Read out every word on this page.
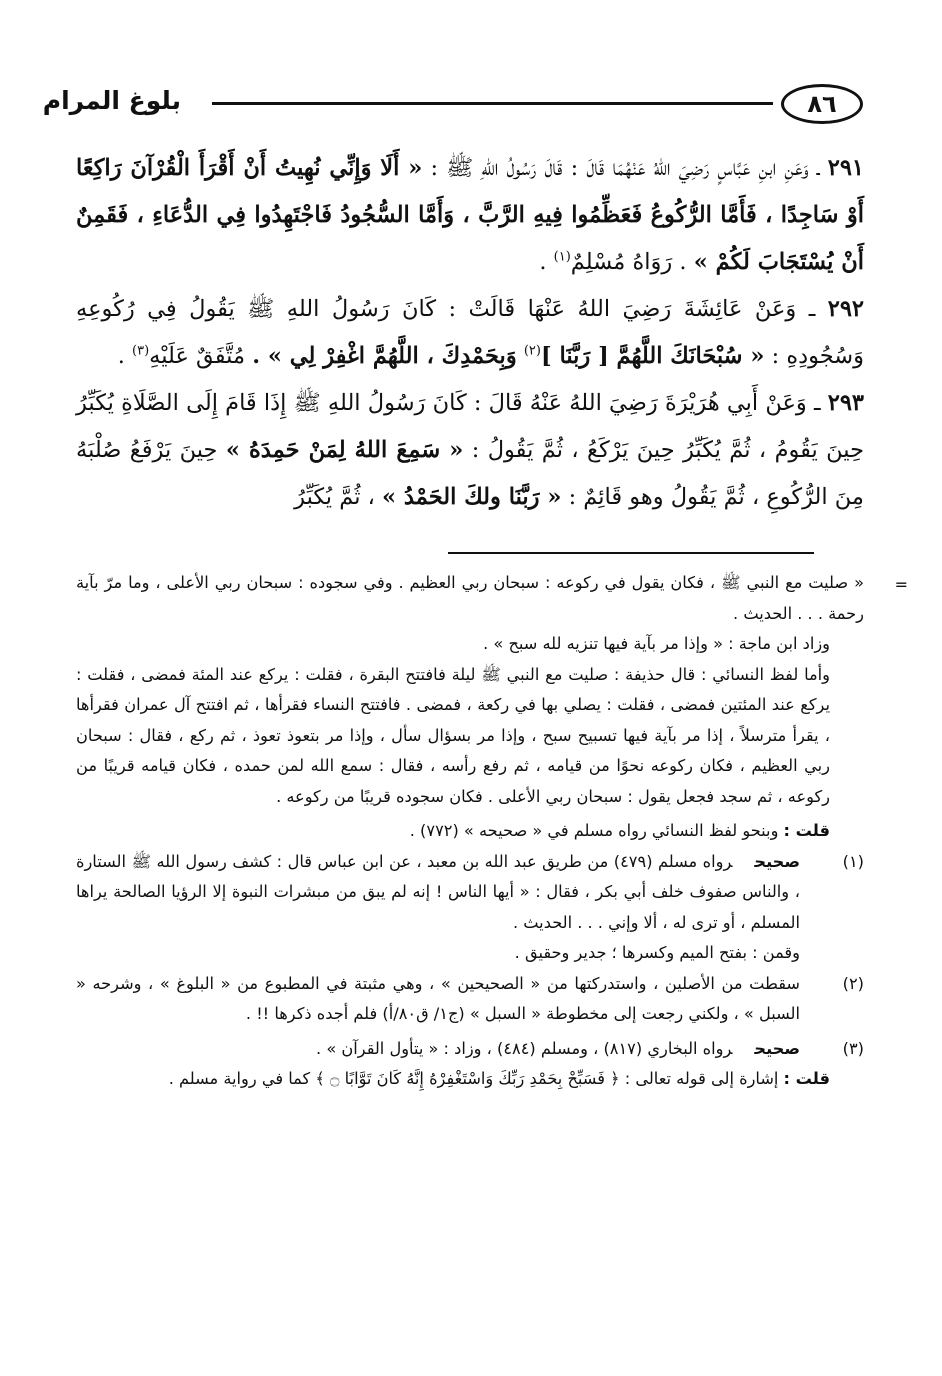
٨٦
بلوغ المرام

٢٩١ ـ وَعَنِ ابنِ عَبَّاسٍ رَضِيَ اللهُ عَنْهُمَا قَالَ : قَالَ رَسُولُ اللهِ ﷺ : « أَلَا وَإِنِّي نُهِيتُ أَنْ أَقْرَأَ الْقُرْآنَ رَاكِعًا أَوْ سَاجِدًا ، فَأَمَّا الرُّكُوعُ فَعَظِّمُوا فِيهِ الرَّبَّ ، وَأَمَّا السُّجُودُ فَاجْتَهِدُوا فِي الدُّعَاءِ ، فَقَمِنٌ أَنْ يُسْتَجَابَ لَكُمْ » . رَوَاهُ مُسْلِمٌ$^{(١)}$ .

٢٩٢ ـ وَعَنْ عَائِشَةَ رَضِيَ اللهُ عَنْهَا قَالَتْ : كَانَ رَسُولُ اللهِ ﷺ يَقُولُ فِي رُكُوعِهِ وَسُجُودِهِ : « سُبْحَانَكَ اللَّهُمَّ [ رَبَّنَا ]$^{(٢)}$ وَبِحَمْدِكَ ، اللَّهُمَّ اغْفِرْ لِي » . مُتَّفَقٌ عَلَيْهِ$^{(٣)}$ .

٢٩٣ ـ وَعَنْ أَبِي هُرَيْرَةَ رَضِيَ اللهُ عَنْهُ قَالَ : كَانَ رَسُولُ اللهِ ﷺ إِذَا قَامَ إِلَى الصَّلَاةِ يُكَبِّرُ حِينَ يَقُومُ ، ثُمَّ يُكَبِّرُ حِينَ يَرْكَعُ ، ثُمَّ يَقُولُ : « سَمِعَ اللهُ لِمَنْ حَمِدَهُ » حِينَ يَرْفَعُ صُلْبَهُ مِنَ الرُّكُوعِ ، ثُمَّ يَقُولُ وهو قَائِمٌ : « رَبَّنَا ولكَ الحَمْدُ » ، ثُمَّ يُكَبِّرُ

=

« صليت مع النبي ﷺ ، فكان يقول في ركوعه : سبحان ربي العظيم . وفي سجوده : سبحان ربي الأعلى ، وما مرّ بآية رحمة . . . الحديث .

وزاد ابن ماجة : « وإذا مر بآية فيها تنزيه لله سبح » .

وأما لفظ النسائي : قال حذيفة : صليت مع النبي ﷺ ليلة فافتتح البقرة ، فقلت : يركع عند المئة فمضى ، فقلت : يركع عند المئتين فمضى ، فقلت : يصلي بها في ركعة ، فمضى . فافتتح النساء فقرأها ، ثم افتتح آل عمران فقرأها ، يقرأ مترسلاً ، إذا مر بآية فيها تسبيح سبح ، وإذا مر بسؤال سأل ، وإذا مر بتعوذ تعوذ ، ثم ركع ، فقال : سبحان ربي العظيم ، فكان ركوعه نحوًا من قيامه ، ثم رفع رأسه ، فقال : سمع الله لمن حمده ، فكان قيامه قريبًا من ركوعه ، ثم سجد فجعل يقول : سبحان ربي الأعلى . فكان سجوده قريبًا من ركوعه .

قلت : وبنحو لفظ النسائي رواه مسلم في « صحيحه » (٧٧٢) .

(١)

صحيحرواه مسلم (٤٧٩) من طريق عبد الله بن معبد ، عن ابن عباس قال : كشف رسول الله ﷺ الستارة ، والناس صفوف خلف أبي بكر ، فقال : « أيها الناس ! إنه لم يبق من مبشرات النبوة إلا الرؤيا الصالحة يراها المسلم ، أو ترى له ، ألا وإني . . . الحديث .

وقمن : بفتح الميم وكسرها ؛ جدير وحقيق .

(٢)

سقطت من الأصلين ، واستدركتها من « الصحيحين » ، وهي مثبتة في المطبوع من « البلوغ » ، وشرحه « السبل » ، ولكني رجعت إلى مخطوطة « السبل » (ج١/ ق٨٠/أ) فلم أجده ذكرها !! .

(٣)

صحيحرواه البخاري (٨١٧) ، ومسلم (٤٨٤) ، وزاد : « يتأول القرآن » .

قلت : إشارة إلى قوله تعالى : ﴿ فَسَبِّحْ بِحَمْدِ رَبِّكَ وَاسْتَغْفِرْهُ إِنَّهُ كَانَ تَوَّابًا ۝ ﴾ كما في رواية مسلم .
